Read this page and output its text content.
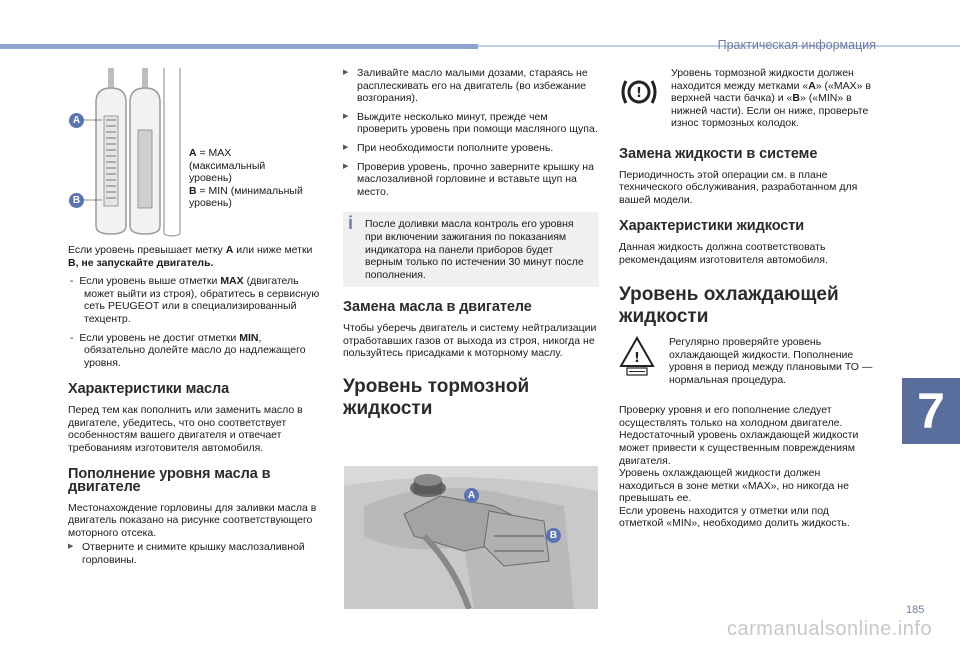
Практическая информация
7
185
carmanualsonline.info
A
B
A = MAX (максимальный уровень)
B = MIN (минимальный уровень)

Если уровень превышает метку A или ниже метки B, не запускайте двигатель.

-  Если уровень выше отметки MAX (двигатель может выйти из строя), обратитесь в сервисную сеть PEUGEOT или в специализированный техцентр.

-  Если уровень не достиг отметки MIN, обязательно долейте масло до надлежащего уровня.

Характеристики масла

Перед тем как пополнить или заменить масло в двигателе, убедитесь, что оно соответствует особенностям вашего двигателя и отвечает требованиям изготовителя автомобиля.

Пополнение уровня масла в двигателе

Местонахождение горловины для заливки масла в двигатель показано на рисунке соответствующего моторного отсека.

▶ Отверните и снимите крышку маслозаливной горловины.

▶ Заливайте масло малыми дозами, стараясь не расплескивать его на двигатель (во избежание возгорания).

▶ Выждите несколько минут, прежде чем проверить уровень при помощи масляного щупа.

▶ При необходимости пополните уровень.

▶ Проверив уровень, прочно заверните крышку на маслозаливной горловине и вставьте щуп на место.

i После доливки масла контроль его уровня при включении зажигания по показаниям индикатора на панели приборов будет верным только по истечении 30 минут после пополнения.
Замена масла в двигателе

Чтобы уберечь двигатель и систему нейтрализации отработавших газов от выхода из строя, никогда не пользуйтесь присадками к моторному маслу.

Уровень тормозной жидкости
A
B
!
Уровень тормозной жидкости должен находится между метками «A» («MAX» в верхней части бачка) и «B» («MIN» в нижней части). Если он ниже, проверьте износ тормозных колодок.
Замена жидкости в системе

Периодичность этой операции см. в плане технического обслуживания, разработанном для вашей модели.

Характеристики жидкости

Данная жидкость должна соответствовать рекомендациям изготовителя автомобиля.

Уровень охлаждающей жидкости
!
Регулярно проверяйте уровень охлаждающей жидкости. Пополнение уровня в период между плановыми ТО — нормальная процедура.

Проверку уровня и его пополнение следует осуществлять только на холодном двигателе. Недостаточный уровень охлаждающей жидкости может привести к существенным повреждениям двигателя.

Уровень охлаждающей жидкости должен находиться в зоне метки «MAX», но никогда не превышать ее.

Если уровень находится у отметки или под отметкой «MIN», необходимо долить жидкость.
